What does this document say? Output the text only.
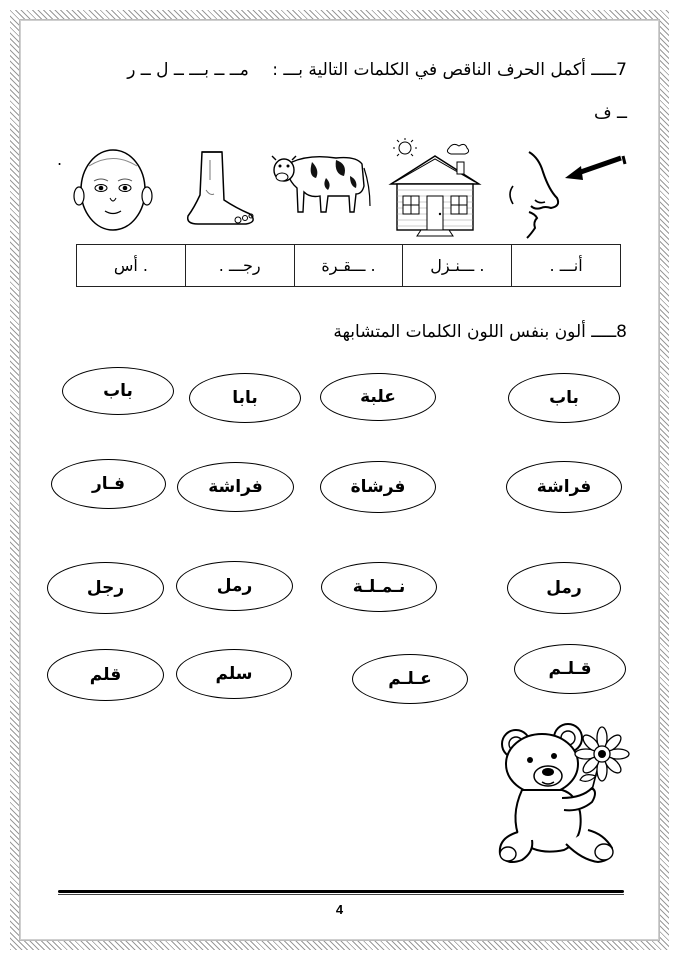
7ـــــ أكمل الحرف الناقص في الكلمات التالية بـــ : مــ ــ بـــ ــ ل ــ ر
ــ ف
.
أنـــ .	. ـــنـزل	. ـــقـرة	رجـــ .	. أس
8ـــــ ألون بنفس اللون الكلمات المتشابهة
باب
علبة
بابا
باب
فراشة
فرشاة
فراشة
فـار
رمل
نـمـلـة
رمل
رجل
قـلـم
عـلـم
سلم
قلم
4
